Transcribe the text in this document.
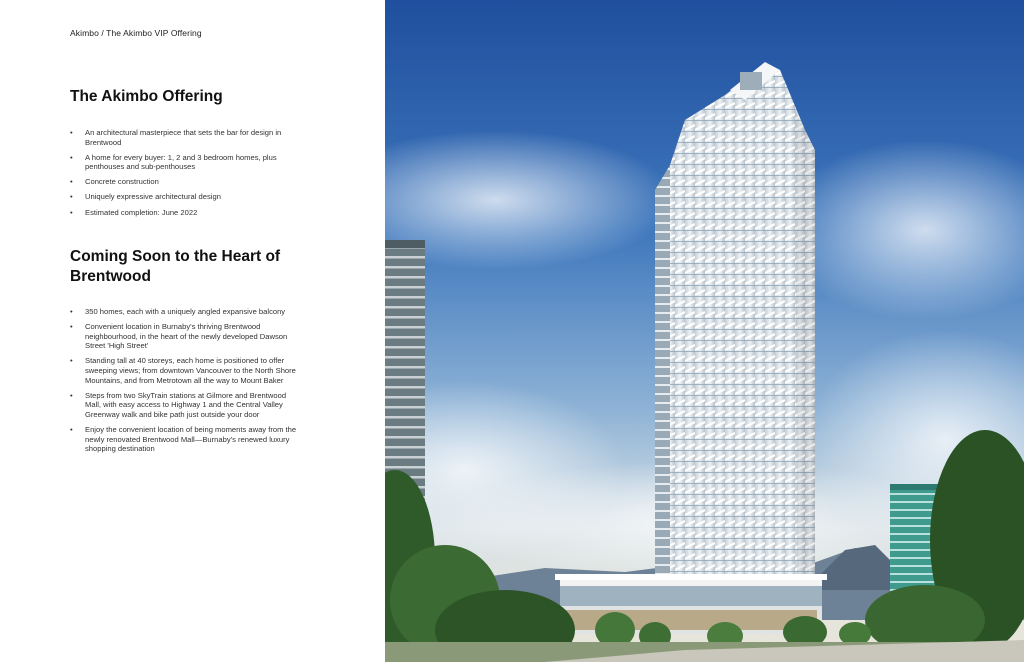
Akimbo / The Akimbo VIP Offering
The Akimbo Offering
• An architectural masterpiece that sets the bar for design in Brentwood
• A home for every buyer: 1, 2 and 3 bedroom homes, plus penthouses and sub-penthouses
• Concrete construction
• Uniquely expressive architectural design
• Estimated completion: June 2022
Coming Soon to the Heart of Brentwood
• 350 homes, each with a uniquely angled expansive balcony
• Convenient location in Burnaby's thriving Brentwood neighbourhood, in the heart of the newly developed Dawson Street 'High Street'
• Standing tall at 40 storeys, each home is positioned to offer sweeping views; from downtown Vancouver to the North Shore Mountains, and from Metrotown all the way to Mount Baker
• Steps from two SkyTrain stations at Gilmore and Brentwood Mall, with easy access to Highway 1 and the Central Valley Greenway walk and bike path just outside your door
• Enjoy the convenient location of being moments away from the newly renovated Brentwood Mall—Burnaby's renewed luxury shopping destination
